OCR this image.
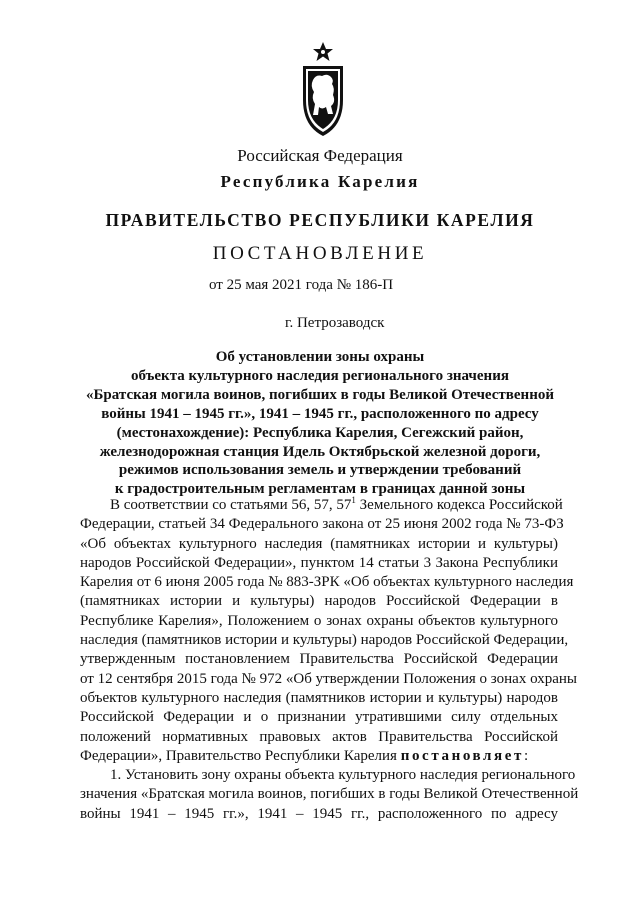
Российская Федерация
Республика Карелия
ПРАВИТЕЛЬСТВО РЕСПУБЛИКИ КАРЕЛИЯ
ПОСТАНОВЛЕНИЕ
от 25 мая 2021 года № 186-П
г. Петрозаводск
Об установлении зоны охраны
объекта культурного наследия регионального значения
«Братская могила воинов, погибших в годы Великой Отечественной
войны 1941 – 1945 гг.», 1941 – 1945 гг., расположенного по адресу
(местонахождение): Республика Карелия, Сегежский район,
железнодорожная станция Идель Октябрьской железной дороги,
режимов использования земель и утверждении требований
к градостроительным регламентам в границах данной зоны
В соответствии со статьями 56, 57, $57^1$ Земельного кодекса Российской
Федерации, статьей 34 Федерального закона от 25 июня 2002 года № 73-ФЗ
«Об объектах культурного наследия (памятниках истории и культуры)
народов Российской Федерации», пунктом 14 статьи 3 Закона Республики
Карелия от 6 июня 2005 года № 883-ЗРК «Об объектах культурного наследия
(памятниках истории и культуры) народов Российской Федерации в
Республике Карелия», Положением о зонах охраны объектов культурного
наследия (памятников истории и культуры) народов Российской Федерации,
утвержденным постановлением Правительства Российской Федерации
от 12 сентября 2015 года № 972 «Об утверждении Положения о зонах охраны
объектов культурного наследия (памятников истории и культуры) народов
Российской Федерации и о признании утратившими силу отдельных
положений нормативных правовых актов Правительства Российской
Федерации», Правительство Республики Карелия постановляет:
1. Установить зону охраны объекта культурного наследия регионального
значения «Братская могила воинов, погибших в годы Великой Отечественной
войны 1941 – 1945 гг.», 1941 – 1945 гг., расположенного по адресу
